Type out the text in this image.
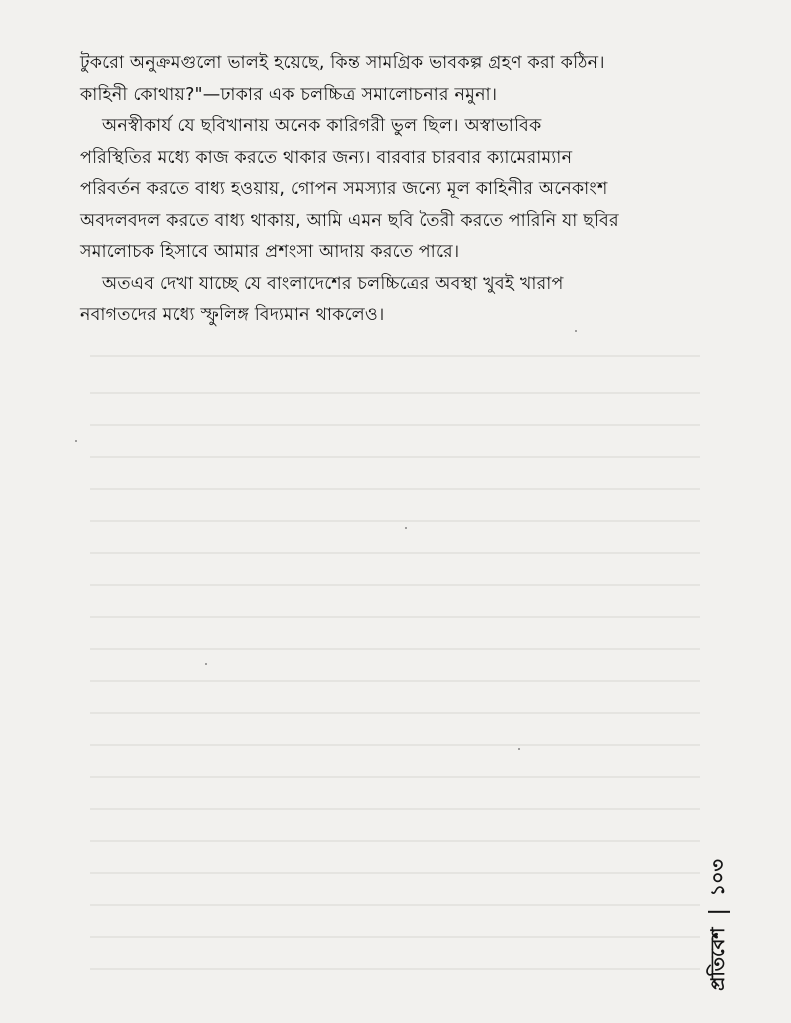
টুকরো অনুক্রমগুলো ভালই হয়েছে, কিন্ত সামগ্রিক ভাবকল্প গ্রহণ করা কঠিন।
কাহিনী কোথায়?"—ঢাকার এক চলচ্চিত্র সমালোচনার নমুনা।
অনস্বীকার্য যে ছবিখানায় অনেক কারিগরী ভুল ছিল। অস্বাভাবিক
পরিস্থিতির মধ্যে কাজ করতে থাকার জন্য। বারবার চারবার ক্যামেরাম্যান
পরিবর্তন করতে বাধ্য হওয়ায়, গোপন সমস্যার জন্যে মূল কাহিনীর অনেকাংশ
অবদলবদল করতে বাধ্য থাকায়, আমি এমন ছবি তৈরী করতে পারিনি যা ছবির
সমালোচক হিসাবে আমার প্রশংসা আদায় করতে পারে।
অতএব দেখা যাচ্ছে যে বাংলাদেশের চলচ্চিত্রের অবস্থা খুবই খারাপ
নবাগতদের মধ্যে স্ফুলিঙ্গ বিদ্যমান থাকলেও।
প্রতিবেশ  ১০৩
